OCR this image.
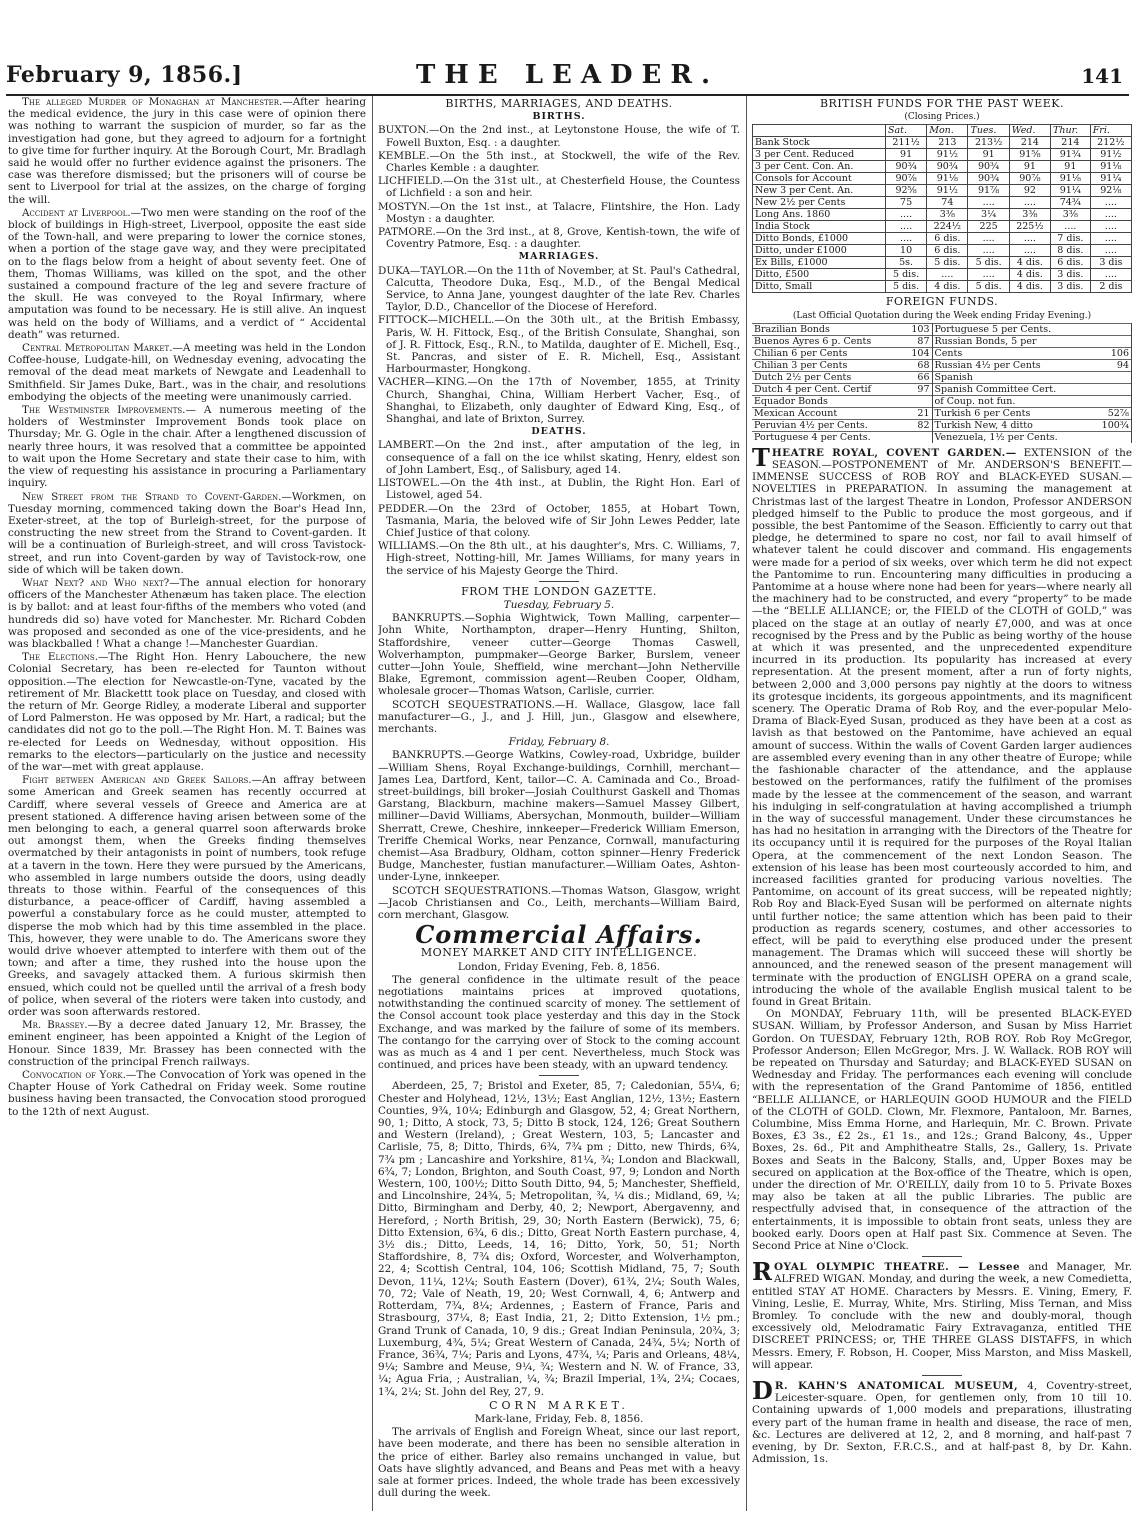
February 9, 1856.]	THE LEADER.	141

The alleged Murder of Monaghan at Manchester.—After hearing the medical evidence, the jury in this case were of opinion there was nothing to warrant the suspicion of murder, so far as the investigation had gone, but they agreed to adjourn for a fortnight to give time for further inquiry. At the Borough Court, Mr. Bradlagh said he would offer no further evidence against the prisoners. The case was therefore dismissed; but the prisoners will of course be sent to Liverpool for trial at the assizes, on the charge of forging the will.

Accident at Liverpool.—Two men were standing on the roof of the block of buildings in High-street, Liverpool, opposite the east side of the Town-hall, and were preparing to lower the cornice stones, when a portion of the stage gave way, and they were precipitated on to the flags below from a height of about seventy feet. One of them, Thomas Williams, was killed on the spot, and the other sustained a compound fracture of the leg and severe fracture of the skull. He was conveyed to the Royal Infirmary, where amputation was found to be necessary. He is still alive. An inquest was held on the body of Williams, and a verdict of “ Accidental death” was returned.

Central Metropolitan Market.—A meeting was held in the London Coffee-house, Ludgate-hill, on Wednesday evening, advocating the removal of the dead meat markets of Newgate and Leadenhall to Smithfield. Sir James Duke, Bart., was in the chair, and resolutions embodying the objects of the meeting were unanimously carried.

The Westminster Improvements.— A numerous meeting of the holders of Westminster Improvement Bonds took place on Thursday; Mr. G. Ogle in the chair. After a lengthened discussion of nearly three hours, it was resolved that a committee be appointed to wait upon the Home Secretary and state their case to him, with the view of requesting his assistance in procuring a Parliamentary inquiry.

New Street from the Strand to Covent-Garden.—Workmen, on Tuesday morning, commenced taking down the Boar's Head Inn, Exeter-street, at the top of Burleigh-street, for the purpose of constructing the new street from the Strand to Covent-garden. It will be a continuation of Burleigh-street, and will cross Tavistock-street, and run into Covent-garden by way of Tavistock-row, one side of which will be taken down.

What Next? and Who next?—The annual election for honorary officers of the Manchester Athenæum has taken place. The election is by ballot: and at least four-fifths of the members who voted (and hundreds did so) have voted for Manchester. Mr. Richard Cobden was proposed and seconded as one of the vice-presidents, and he was blackballed ! What a change !—Manchester Guardian.

The Elections.—The Right Hon. Henry Labouchere, the new Colonial Secretary, has been re-elected for Taunton without opposition.—The election for Newcastle-on-Tyne, vacated by the retirement of Mr. Blackettt took place on Tuesday, and closed with the return of Mr. George Ridley, a moderate Liberal and supporter of Lord Palmerston. He was opposed by Mr. Hart, a radical; but the candidates did not go to the poll.—The Right Hon. M. T. Baines was re-elected for Leeds on Wednesday, without opposition. His remarks to the electors—particularly on the justice and necessity of the war—met with great applause.

Fight between American and Greek Sailors.—An affray between some American and Greek seamen has recently occurred at Cardiff, where several vessels of Greece and America are at present stationed. A difference having arisen between some of the men belonging to each, a general quarrel soon afterwards broke out amongst them, when the Greeks finding themselves overmatched by their antagonists in point of numbers, took refuge at a tavern in the town. Here they were pursued by the Americans, who assembled in large numbers outside the doors, using deadly threats to those within. Fearful of the consequences of this disturbance, a peace-officer of Cardiff, having assembled a powerful a constabulary force as he could muster, attempted to disperse the mob which had by this time assembled in the place. This, however, they were unable to do. The Americans swore they would drive whoever attempted to interfere with them out of the town; and after a time, they rushed into the house upon the Greeks, and savagely attacked them. A furious skirmish then ensued, which could not be quelled until the arrival of a fresh body of police, when several of the rioters were taken into custody, and order was soon afterwards restored.

Mr. Brassey.—By a decree dated January 12, Mr. Brassey, the eminent engineer, has been appointed a Knight of the Legion of Honour. Since 1839, Mr. Brassey has been connected with the construction of the principal French railways.

Convocation of York.—The Convocation of York was opened in the Chapter House of York Cathedral on Friday week. Some routine business having been transacted, the Convocation stood prorogued to the 12th of next August.

BIRTHS, MARRIAGES, AND DEATHS.
BIRTHS.
BUXTON.—On the 2nd inst., at Leytonstone House, the wife of T. Fowell Buxton, Esq. : a daughter.
KEMBLE.—On the 5th inst., at Stockwell, the wife of the Rev. Charles Kemble : a daughter.
LICHFIELD.—On the 31st ult., at Chesterfield House, the Countess of Lichfield : a son and heir.
MOSTYN.—On the 1st inst., at Talacre, Flintshire, the Hon. Lady Mostyn : a daughter.
PATMORE.—On the 3rd inst., at 8, Grove, Kentish-town, the wife of Coventry Patmore, Esq. : a daughter.
MARRIAGES.
DUKA—TAYLOR.—On the 11th of November, at St. Paul's Cathedral, Calcutta, Theodore Duka, Esq., M.D., of the Bengal Medical Service, to Anna Jane, youngest daughter of the late Rev. Charles Taylor, D.D., Chancellor of the Diocese of Hereford.
FITTOCK—MICHELL.—On the 30th ult., at the British Embassy, Paris, W. H. Fittock, Esq., of the British Consulate, Shanghai, son of J. R. Fittock, Esq., R.N., to Matilda, daughter of E. Michell, Esq., St. Pancras, and sister of E. R. Michell, Esq., Assistant Harbourmaster, Hongkong.
VACHER—KING.—On the 17th of November, 1855, at Trinity Church, Shanghai, China, William Herbert Vacher, Esq., of Shanghai, to Elizabeth, only daughter of Edward King, Esq., of Shanghai, and late of Brixton, Surrey.
DEATHS.
LAMBERT.—On the 2nd inst., after amputation of the leg, in consequence of a fall on the ice whilst skating, Henry, eldest son of John Lambert, Esq., of Salisbury, aged 14.
LISTOWEL.—On the 4th inst., at Dublin, the Right Hon. Earl of Listowel, aged 54.
PEDDER.—On the 23rd of October, 1855, at Hobart Town, Tasmania, Maria, the beloved wife of Sir John Lewes Pedder, late Chief Justice of that colony.
WILLIAMS.—On the 8th ult., at his daughter's, Mrs. C. Williams, 7, High-street, Notting-hill, Mr. James Williams, for many years in the service of his Majesty George the Third.
FROM THE LONDON GAZETTE.
Tuesday, February 5.

BANKRUPTS.—Sophia Wightwick, Town Malling, carpenter—John White, Northampton, draper—Henry Hunting, Shilton, Staffordshire, veneer cutter—George Thomas Caswell, Wolverhampton, pumpmaker—George Barker, Burslem, veneer cutter—John Youle, Sheffield, wine merchant—John Netherville Blake, Egremont, commission agent—Reuben Cooper, Oldham, wholesale grocer—Thomas Watson, Carlisle, currier.

SCOTCH SEQUESTRATIONS.—H. Wallace, Glasgow, lace fall manufacturer—G., J., and J. Hill, jun., Glasgow and elsewhere, merchants.

Friday, February 8.

BANKRUPTS.—George Watkins, Cowley-road, Uxbridge, builder—William Shens, Royal Exchange-buildings, Cornhill, merchant—James Lea, Dartford, Kent, tailor—C. A. Caminada and Co., Broad-street-buildings, bill broker—Josiah Coulthurst Gaskell and Thomas Garstang, Blackburn, machine makers—Samuel Massey Gilbert, milliner—David Williams, Abersychan, Monmouth, builder—William Sherratt, Crewe, Cheshire, innkeeper—Frederick William Emerson, Treriffe Chemical Works, near Penzance, Cornwall, manufacturing chemist—Asa Bradbury, Oldham, cotton spinner—Henry Frederick Budge, Manchester, fustian manufacturer.—William Oates, Ashton-under-Lyne, innkeeper.

SCOTCH SEQUESTRATIONS.—Thomas Watson, Glasgow, wright—Jacob Christiansen and Co., Leith, merchants—William Baird, corn merchant, Glasgow.

Commercial Affairs.
MONEY MARKET AND CITY INTELLIGENCE.
London, Friday Evening, Feb. 8, 1856.

The general confidence in the ultimate result of the peace negotiations maintains prices at improved quotations, notwithstanding the continued scarcity of money. The settlement of the Consol account took place yesterday and this day in the Stock Exchange, and was marked by the failure of some of its members. The contango for the carrying over of Stock to the coming account was as much as 4 and 1 per cent. Nevertheless, much Stock was continued, and prices have been steady, with an upward tendency.

Aberdeen, 25, 7; Bristol and Exeter, 85, 7; Caledonian, 55¼, 6; Chester and Holyhead, 12½, 13½; East Anglian, 12½, 13½; Eastern Counties, 9¾, 10¼; Edinburgh and Glasgow, 52, 4; Great Northern, 90, 1; Ditto, A stock, 73, 5; Ditto B stock, 124, 126; Great Southern and Western (Ireland), ; Great Western, 103, 5; Lancaster and Carlisle, 75, 8; Ditto, Thirds, 6¾, 7¾ pm ; Ditto, new Thirds, 6¾, 7¾ pm ; Lancashire and Yorkshire, 81¼, ¾; London and Blackwall, 6¾, 7; London, Brighton, and South Coast, 97, 9; London and North Western, 100, 100½; Ditto South Ditto, 94, 5; Manchester, Sheffield, and Lincolnshire, 24¾, 5; Metropolitan, ¾, ¼ dis.; Midland, 69, ¼; Ditto, Birmingham and Derby, 40, 2; Newport, Abergavenny, and Hereford, ; North British, 29, 30; North Eastern (Berwick), 75, 6; Ditto Extension, 6¾, 6 dis.; Ditto, Great North Eastern purchase, 4, 3½ dis.; Ditto, Leeds, 14, 16; Ditto, York, 50, 51; North Staffordshire, 8, 7¾ dis; Oxford, Worcester, and Wolverhampton, 22, 4; Scottish Central, 104, 106; Scottish Midland, 75, 7; South Devon, 11¼, 12¼; South Eastern (Dover), 61¾, 2¼; South Wales, 70, 72; Vale of Neath, 19, 20; West Cornwall, 4, 6; Antwerp and Rotterdam, 7¾, 8¼; Ardennes, ; Eastern of France, Paris and Strasbourg, 37¼, 8; East India, 21, 2; Ditto Extension, 1½ pm.; Grand Trunk of Canada, 10, 9 dis.; Great Indian Peninsula, 20¾, 3; Luxemburg, 4¾, 5¼; Great Western of Canada, 24¾, 5¼; North of France, 36¾, 7¼; Paris and Lyons, 47¾, ¼; Paris and Orleans, 48¼, 9¼; Sambre and Meuse, 9¼, ¾; Western and N. W. of France, 33, ¼; Agua Fria, ; Australian, ¼, ¾; Brazil Imperial, 1¾, 2¼; Cocaes, 1¾, 2¼; St. John del Rey, 27, 9.

CORN MARKET.
Mark-lane, Friday, Feb. 8, 1856.

The arrivals of English and Foreign Wheat, since our last report, have been moderate, and there has been no sensible alteration in the price of either. Barley also remains unchanged in value, but Oats have slightly advanced, and Beans and Peas met with a heavy sale at former prices. Indeed, the whole trade has been excessively dull during the week.

BRITISH FUNDS FOR THE PAST WEEK.
(Closing Prices.)
	Sat.	Mon.	Tues.	Wed.	Thur.	Fri.
Bank Stock	211½	213	213½	214	214	212½
3 per Cent. Reduced	91	91½	91	91⅝	91¾	91½
3 per Cent. Con. An.	90¾	90¾	90¾	91	91	91⅛
Consols for Account	90⅞	91⅛	90¾	90⅞	91⅛	91¼
New 3 per Cent. An.	92⅝	91½	91⅞	92	91¼	92⅛
New 2½ per Cents	75	74	....	....	74¾	....
Long Ans. 1860	....	3⅜	3¼	3⅜	3⅜	....
India Stock	....	224½	225	225½	....	....
Ditto Bonds, £1000	....	6 dis.	....	....	7 dis.	....
Ditto, under £1000	10	6 dis.	....	....	8 dis.	....
Ex Bills, £1000	5s.	5 dis.	5 dis.	4 dis.	6 dis.	3 dis
Ditto, £500	5 dis.	....	....	4 dis.	3 dis.	....
Ditto, Small	5 dis.	4 dis.	5 dis.	4 dis.	3 dis.	2 dis
FOREIGN FUNDS.
(Last Official Quotation during the Week ending Friday Evening.)
Brazilian Bonds	103	Portuguese 5 per Cents.	
Buenos Ayres 6 p. Cents	87	Russian Bonds, 5 per	
Chilian 6 per Cents	104	Cents	106
Chilian 3 per Cents	68	Russian 4½ per Cents	94
Dutch 2½ per Cents	66	Spanish	
Dutch 4 per Cent. Certif	97	Spanish Committee Cert.	
Equador Bonds		of Coup. not fun.	
Mexican Account	21	Turkish 6 per Cents	52⅞
Peruvian 4½ per Cents.	82	Turkish New, 4 ditto	100¾
Portuguese 4 per Cents.		Venezuela, 1½ per Cents.	
T HEATRE ROYAL, COVENT GARDEN.— EXTENSION of the SEASON.—POSTPONEMENT of Mr. ANDERSON'S BENEFIT.—IMMENSE SUCCESS of ROB ROY and BLACK-EYED SUSAN.—NOVELTIES in PREPARATION. In assuming the management at Christmas last of the largest Theatre in London, Professor ANDERSON pledged himself to the Public to produce the most gorgeous, and if possible, the best Pantomime of the Season. Efficiently to carry out that pledge, he determined to spare no cost, nor fail to avail himself of whatever talent he could discover and command. His engagements were made for a period of six weeks, over which term he did not expect the Pantomime to run. Encountering many difficulties in producing a Pantomime at a house where none had been for years—where nearly all the machinery had to be constructed, and every “property” to be made—the “BELLE ALLIANCE; or, the FIELD of the CLOTH of GOLD,” was placed on the stage at an outlay of nearly £7,000, and was at once recognised by the Press and by the Public as being worthy of the house at which it was presented, and the unprecedented expenditure incurred in its production. Its popularity has increased at every representation. At the present moment, after a run of forty nights, between 2,000 and 3,000 persons pay nightly at the doors to witness its grotesque incidents, its gorgeous appointments, and its magnificent scenery. The Operatic Drama of Rob Roy, and the ever-popular Melo-Drama of Black-Eyed Susan, produced as they have been at a cost as lavish as that bestowed on the Pantomime, have achieved an equal amount of success. Within the walls of Covent Garden larger audiences are assembled every evening than in any other theatre of Europe; while the fashionable character of the attendance, and the applause bestowed on the performances, ratify the fulfilment of the promises made by the lessee at the commencement of the season, and warrant his indulging in self-congratulation at having accomplished a triumph in the way of successful management. Under these circumstances he has had no hesitation in arranging with the Directors of the Theatre for its occupancy until it is required for the purposes of the Royal Italian Opera, at the commencement of the next London Season. The extension of his lease has been most courteously accorded to him, and increased facilities granted for producing various novelties. The Pantomime, on account of its great success, will be repeated nightly; Rob Roy and Black-Eyed Susan will be performed on alternate nights until further notice; the same attention which has been paid to their production as regards scenery, costumes, and other accessories to effect, will be paid to everything else produced under the present management. The Dramas which will succeed these will shortly be announced, and the renewed season of the present management will terminate with the production of ENGLISH OPERA on a grand scale, introducing the whole of the available English musical talent to be found in Great Britain.

On MONDAY, February 11th, will be presented BLACK-EYED SUSAN. William, by Professor Anderson, and Susan by Miss Harriet Gordon. On TUESDAY, February 12th, ROB ROY. Rob Roy McGregor, Professor Anderson; Ellen McGregor, Mrs. J. W. Wallack. ROB ROY will be repeated on Thursday and Saturday; and BLACK-EYED SUSAN on Wednesday and Friday. The performances each evening will conclude with the representation of the Grand Pantomime of 1856, entitled “BELLE ALLIANCE, or HARLEQUIN GOOD HUMOUR and the FIELD of the CLOTH of GOLD. Clown, Mr. Flexmore, Pantaloon, Mr. Barnes, Columbine, Miss Emma Horne, and Harlequin, Mr. C. Brown. Private Boxes, £3 3s., £2 2s., £1 1s., and 12s.; Grand Balcony, 4s., Upper Boxes, 2s. 6d., Pit and Amphitheatre Stalls, 2s., Gallery, 1s. Private Boxes and Seats in the Balcony, Stalls, and, Upper Boxes may be secured on application at the Box-office of the Theatre, which is open, under the direction of Mr. O'REILLY, daily from 10 to 5. Private Boxes may also be taken at all the public Libraries. The public are respectfully advised that, in consequence of the attraction of the entertainments, it is impossible to obtain front seats, unless they are booked early. Doors open at Half past Six. Commence at Seven. The Second Price at Nine o'Clock.

R OYAL OLYMPIC THEATRE. — Lessee and Manager, Mr. ALFRED WIGAN. Monday, and during the week, a new Comedietta, entitled STAY AT HOME. Characters by Messrs. E. Vining, Emery, F. Vining, Leslie, E. Murray, White, Mrs. Stirling, Miss Ternan, and Miss Bromley. To conclude with the new and doubly-moral, though excessively old, Melodramatic Fairy Extravaganza, entitled THE DISCREET PRINCESS; or, THE THREE GLASS DISTAFFS, in which Messrs. Emery, F. Robson, H. Cooper, Miss Marston, and Miss Maskell, will appear.
D R. KAHN'S ANATOMICAL MUSEUM, 4, Coventry-street, Leicester-square. Open, for gentlemen only, from 10 till 10. Containing upwards of 1,000 models and preparations, illustrating every part of the human frame in health and disease, the race of men, &c. Lectures are delivered at 12, 2, and 8 morning, and half-past 7 evening, by Dr. Sexton, F.R.C.S., and at half-past 8, by Dr. Kahn. Admission, 1s.
